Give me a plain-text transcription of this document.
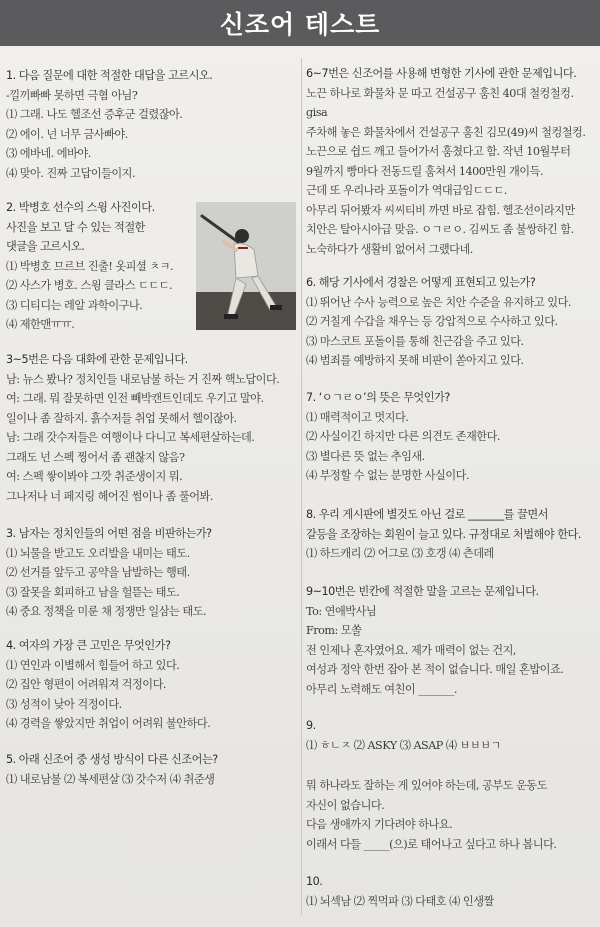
신조어 테스트
1. 다음 질문에 대한 적절한 대답을 고르시오.
-낄끼빠빠 못하면 극혐 아님?
⑴ 그래. 나도 헬조선 증후군 걸렸잖아.
⑵ 에이. 넌 너무 금사빠야.
⑶ 에바네. 에바야.
⑷ 맞아. 진짜 고답이들이지.
2. 박병호 선수의 스윙 사진이다.
사진을 보고 달 수 있는 적절한
댓글을 고르시오.
⑴ 박병호 므르브 진출! 옷피셜 ㅊㅋ.
⑵ 사스가 병호. 스윙 클라스 ㄷㄷㄷ.
⑶ 디티디는 레알 과학이구나.
⑷ 제한맨ㅠㅠ.
3~5번은 다음 대화에 관한 문제입니다.
남: 뉴스 봤나? 정치인들 내로남불 하는 거 진짜 핵노답이다.
여: 그래. 뭐 잘못하면 인전 빼박캔트인데도 우기고 말야.
일이나 좀 잘하지. 흙수저들 취업 못해서 헬이잖아.
남: 그래 갓수저들은 여행이나 다니고 복세편살하는데.
그래도 넌 스펙 찡어서 좀 괜찮지 않음?
여: 스펙 쌓이봐야 그깟 취준생이지 뭐.
그나저나 너 페지링 헤어진 썸이나 좀 풀어봐.
3. 남자는 정치인들의 어떤 점을 비판하는가?
⑴ 뇌물을 받고도 오리발을 내미는 태도.
⑵ 선거를 앞두고 공약을 남발하는 행태.
⑶ 잘못을 회피하고 남을 헐뜯는 태도.
⑷ 중요 정책을 미룬 채 정쟁만 일삼는 태도.
4. 여자의 가장 큰 고민은 무엇인가?
⑴ 연인과 이별해서 힘들어 하고 있다.
⑵ 집안 형편이 어려워져 걱정이다.
⑶ 성적이 낮아 걱정이다.
⑷ 경력을 쌓았지만 취업이 어려워 불안하다.
5. 아래 신조어 중 생성 방식이 다른 신조어는?
⑴ 내로남불 ⑵ 복세편살 ⑶ 갓수저 ⑷ 취준생
6~7번은 신조어를 사용해 변형한 기사에 관한 문제입니다.
노끈 하나로 화물차 문 따고 건설공구 훔친 40대 철컹철컹.
gisa
주차해 놓은 화물차에서 건설공구 훔친 김모(49)씨 철컹철컹.
노끈으로 쉽드 깨고 들어가서 훔쳤다고 함. 작년 10월부터
9월까지 빵마다 전동드릴 훔쳐서 1400만원 개이득.
근데 또 우리나라 포돌이가 역대급임ㄷㄷㄷ.
아무리 뒤어봤자 씨씨티비 까면 바로 잡힘. 헬조선이라지만
치안은 탈아시아급 맞음. ㅇㄱㄹㅇ. 김씨도 좀 불쌍하긴 함.
노숙하다가 생활비 없어서 그랬다네.
6. 해당 기사에서 경찰은 어떻게 표현되고 있는가?
⑴ 뛰어난 수사 능력으로 높은 치안 수준을 유지하고 있다.
⑵ 거칠게 수갑을 채우는 등 강압적으로 수사하고 있다.
⑶ 마스코트 포돌이를 통해 친근감을 주고 있다.
⑷ 범죄를 예방하지 못해 비판이 쏟아지고 있다.
7. ‘ㅇㄱㄹㅇ’의 뜻은 무엇인가?
⑴ 매력적이고 멋지다.
⑵ 사실이긴 하지만 다른 의견도 존재한다.
⑶ 별다른 뜻 없는 추임새.
⑷ 부정할 수 없는 분명한 사실이다.
8. 우리 게시판에 별것도 아닌 걸로 _______를 끌면서
갈등을 조장하는 회원이 늘고 있다. 규정대로 처벌해야 한다.
⑴ 하드캐리 ⑵ 어그로 ⑶ 호갱 ⑷ 츤데레
9~10번은 빈칸에 적절한 말을 고르는 문제입니다.
To: 연애박사님
From: 모쏠
전 인제나 혼자였어요. 제가 매력이 없는 건지,
여성과 정악 한번 잡아 본 적이 없습니다. 매일 혼밥이죠.
아무리 노력해도 여친이 _______.
9.
⑴ ㅎㄴㅈ ⑵ ASKY ⑶ ASAP ⑷ ㅂㅂㅂㄱ
뭐 하나라도 잘하는 게 있어야 하는데, 공부도 운동도
자신이 없습니다.
다음 생애까지 기다려야 하나요.
이래서 다들 _____(으)로 태어나고 싶다고 하나 봅니다.
10.
⑴ 뇌섹남 ⑵ 찍먹파 ⑶ 다태호 ⑷ 인생짤
